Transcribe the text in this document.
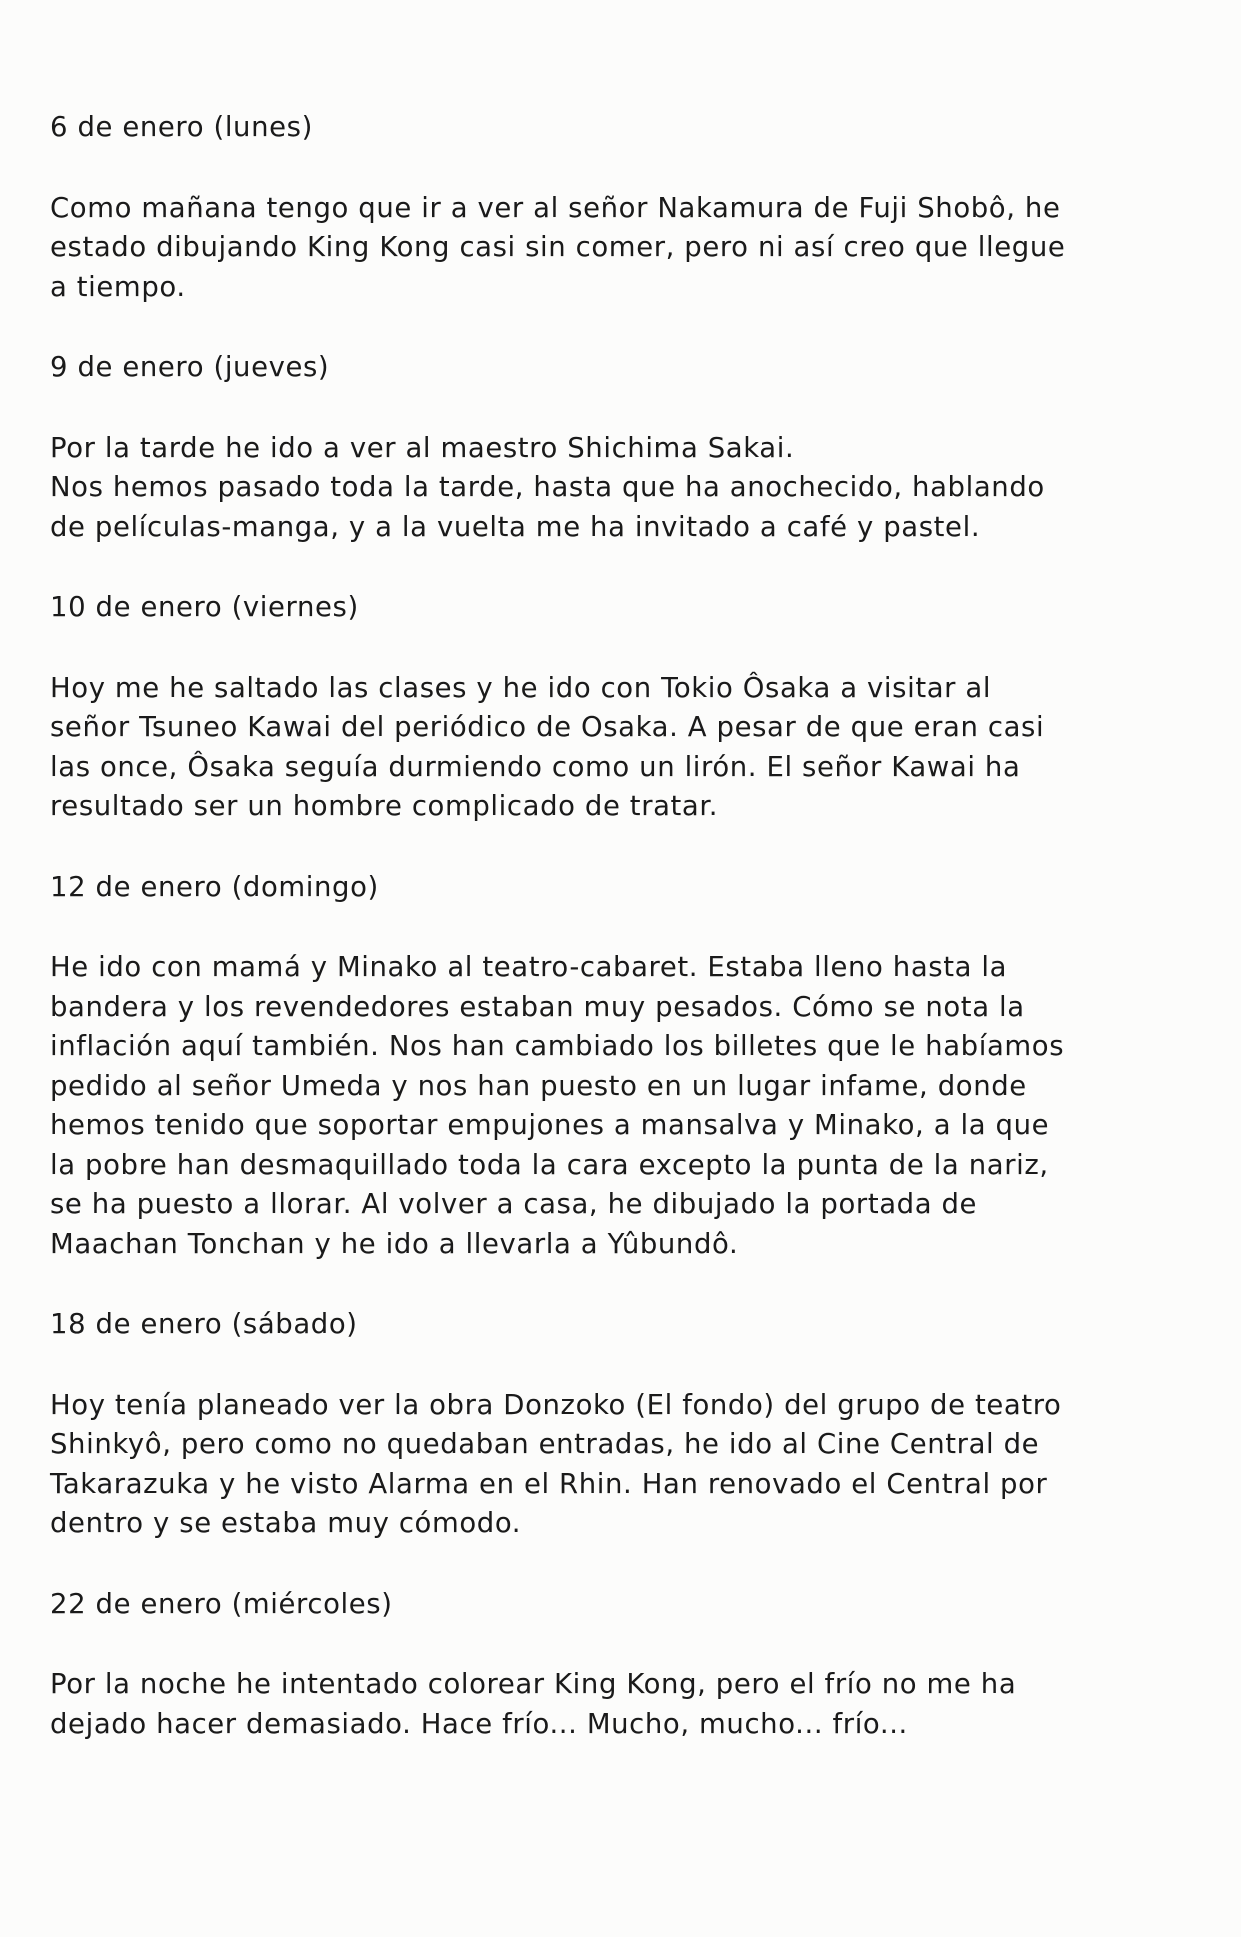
6 de enero (lunes)

Como mañana tengo que ir a ver al señor Nakamura de Fuji Shobô, he
estado dibujando King Kong casi sin comer, pero ni así creo que llegue
a tiempo.

9 de enero (jueves)

Por la tarde he ido a ver al maestro Shichima Sakai.
Nos hemos pasado toda la tarde, hasta que ha anochecido, hablando
de películas-manga, y a la vuelta me ha invitado a café y pastel.

10 de enero (viernes)

Hoy me he saltado las clases y he ido con Tokio Ôsaka a visitar al
señor Tsuneo Kawai del periódico de Osaka. A pesar de que eran casi
las once, Ôsaka seguía durmiendo como un lirón. El señor Kawai ha
resultado ser un hombre complicado de tratar.

12 de enero (domingo)

He ido con mamá y Minako al teatro-cabaret. Estaba lleno hasta la
bandera y los revendedores estaban muy pesados. Cómo se nota la
inflación aquí también. Nos han cambiado los billetes que le habíamos
pedido al señor Umeda y nos han puesto en un lugar infame, donde
hemos tenido que soportar empujones a mansalva y Minako, a la que
la pobre han desmaquillado toda la cara excepto la punta de la nariz,
se ha puesto a llorar. Al volver a casa, he dibujado la portada de
Maachan Tonchan y he ido a llevarla a Yûbundô.

18 de enero (sábado)

Hoy tenía planeado ver la obra Donzoko (El fondo) del grupo de teatro
Shinkyô, pero como no quedaban entradas, he ido al Cine Central de
Takarazuka y he visto Alarma en el Rhin. Han renovado el Central por
dentro y se estaba muy cómodo.

22 de enero (miércoles)

Por la noche he intentado colorear King Kong, pero el frío no me ha
dejado hacer demasiado. Hace frío... Mucho, mucho... frío...
